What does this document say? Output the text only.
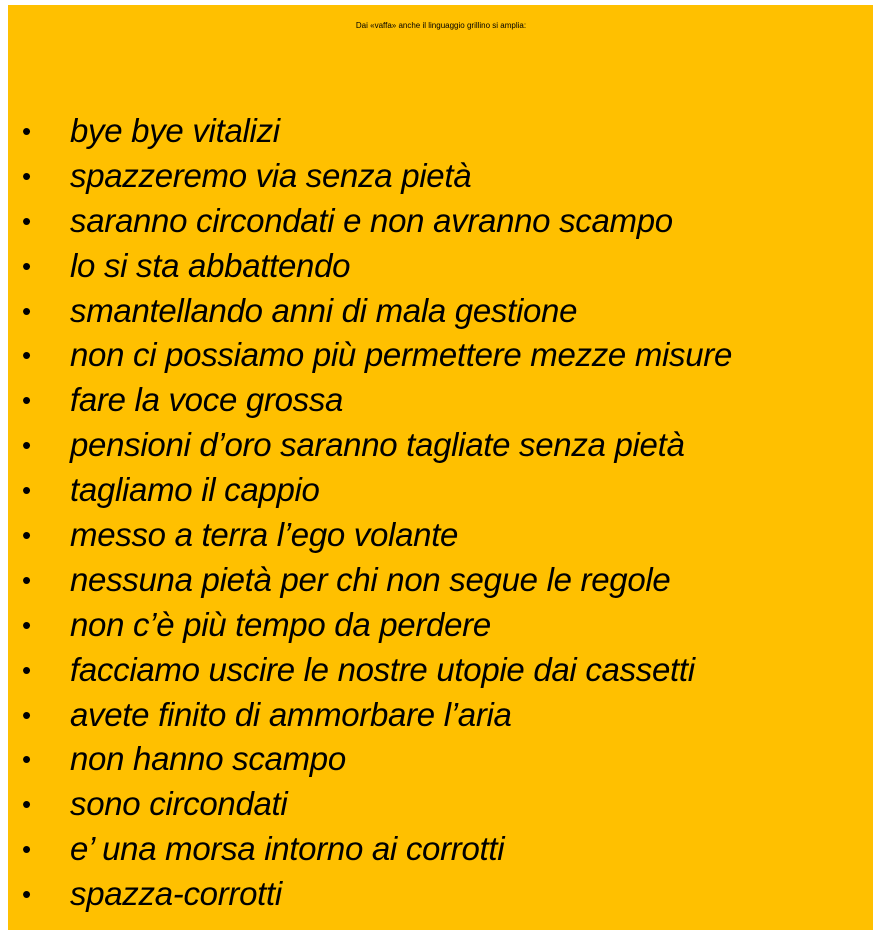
Dai «vaffa» anche il linguaggio grillino si amplia:
• bye bye vitalizi
• spazzeremo via senza pietà
• saranno circondati e non avranno scampo
• lo si sta abbattendo
• smantellando anni di mala gestione
• non ci possiamo più permettere mezze misure
• fare la voce grossa
• pensioni d’oro saranno tagliate senza pietà
• tagliamo il cappio
• messo a terra l’ego volante
• nessuna pietà per chi non segue le regole
• non c’è più tempo da perdere
• facciamo uscire le nostre utopie dai cassetti
• avete finito di ammorbare l’aria
• non hanno scampo
• sono circondati
• e’ una morsa intorno ai corrotti
• spazza-corrotti
